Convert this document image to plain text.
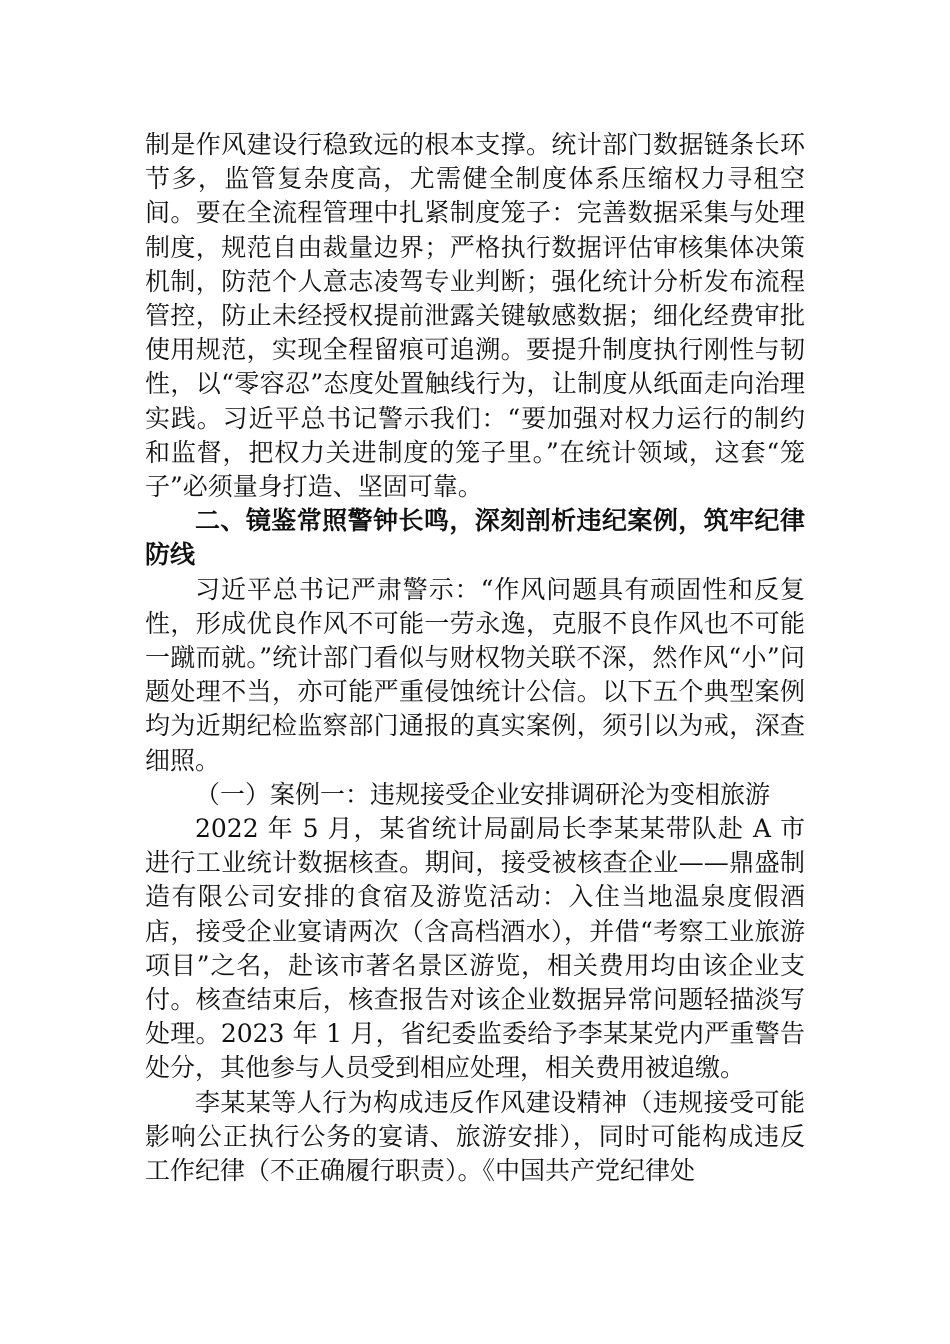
制是作风建设行稳致远的根本支撑。统计部门数据链条长环节多，监管复杂度高，尤需健全制度体系压缩权力寻租空间。要在全流程管理中扎紧制度笼子：完善数据采集与处理制度，规范自由裁量边界；严格执行数据评估审核集体决策机制，防范个人意志凌驾专业判断；强化统计分析发布流程管控，防止未经授权提前泄露关键敏感数据；细化经费审批使用规范，实现全程留痕可追溯。要提升制度执行刚性与韧性，以“零容忍”态度处置触线行为，让制度从纸面走向治理实践。习近平总书记警示我们：“要加强对权力运行的制约和监督，把权力关进制度的笼子里。”在统计领域，这套“笼子”必须量身打造、坚固可靠。

二、镜鉴常照警钟长鸣，深刻剖析违纪案例，筑牢纪律防线

习近平总书记严肃警示：“作风问题具有顽固性和反复性，形成优良作风不可能一劳永逸，克服不良作风也不可能一蹴而就。”统计部门看似与财权物关联不深，然作风“小”问题处理不当，亦可能严重侵蚀统计公信。以下五个典型案例均为近期纪检监察部门通报的真实案例，须引以为戒，深查细照。

（一）案例一：违规接受企业安排调研沦为变相旅游

2022 年 5 月，某省统计局副局长李某某带队赴 A 市进行工业统计数据核查。期间，接受被核查企业——鼎盛制造有限公司安排的食宿及游览活动：入住当地温泉度假酒店，接受企业宴请两次（含高档酒水），并借“考察工业旅游项目”之名，赴该市著名景区游览，相关费用均由该企业支付。核查结束后，核查报告对该企业数据异常问题轻描淡写处理。2023 年 1 月，省纪委监委给予李某某党内严重警告处分，其他参与人员受到相应处理，相关费用被追缴。

李某某等人行为构成违反作风建设精神（违规接受可能影响公正执行公务的宴请、旅游安排），同时可能构成违反工作纪律（不正确履行职责）。《中国共产党纪律处
